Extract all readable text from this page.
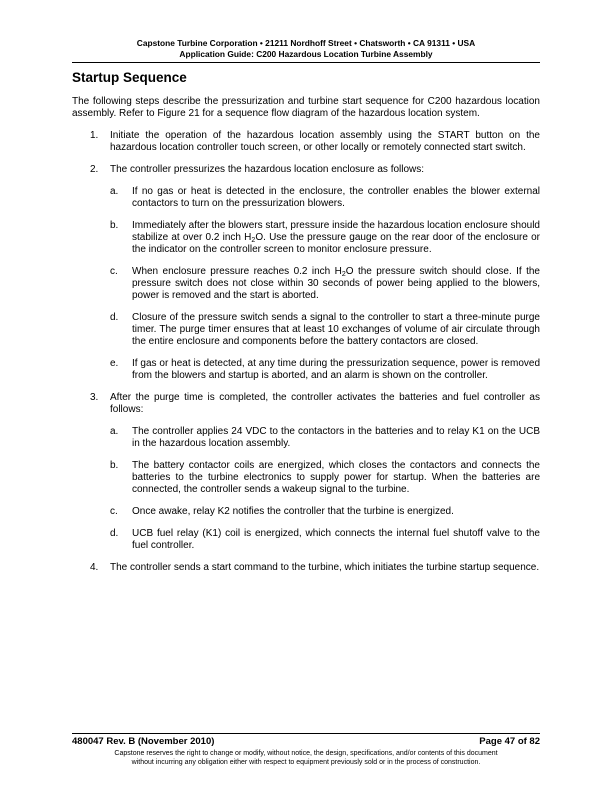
Capstone Turbine Corporation • 21211 Nordhoff Street • Chatsworth • CA 91311 • USA
Application Guide: C200 Hazardous Location Turbine Assembly
Startup Sequence

The following steps describe the pressurization and turbine start sequence for C200 hazardous location assembly. Refer to Figure 21 for a sequence flow diagram of the hazardous location system.

1. Initiate the operation of the hazardous location assembly using the START button on the hazardous location controller touch screen, or other locally or remotely connected start switch.
2. The controller pressurizes the hazardous location enclosure as follows:
a. If no gas or heat is detected in the enclosure, the controller enables the blower external contactors to turn on the pressurization blowers.
b. Immediately after the blowers start, pressure inside the hazardous location enclosure should stabilize at over 0.2 inch $H_2O$. Use the pressure gauge on the rear door of the enclosure or the indicator on the controller screen to monitor enclosure pressure.
c. When enclosure pressure reaches 0.2 inch $H_2O$ the pressure switch should close. If the pressure switch does not close within 30 seconds of power being applied to the blowers, power is removed and the start is aborted.
d. Closure of the pressure switch sends a signal to the controller to start a three-minute purge timer. The purge timer ensures that at least 10 exchanges of volume of air circulate through the entire enclosure and components before the battery contactors are closed.
e. If gas or heat is detected, at any time during the pressurization sequence, power is removed from the blowers and startup is aborted, and an alarm is shown on the controller.
3. After the purge time is completed, the controller activates the batteries and fuel controller as follows:
a. The controller applies 24 VDC to the contactors in the batteries and to relay K1 on the UCB in the hazardous location assembly.
b. The battery contactor coils are energized, which closes the contactors and connects the batteries to the turbine electronics to supply power for startup. When the batteries are connected, the controller sends a wakeup signal to the turbine.
c. Once awake, relay K2 notifies the controller that the turbine is energized.
d. UCB fuel relay (K1) coil is energized, which connects the internal fuel shutoff valve to the fuel controller.
4. The controller sends a start command to the turbine, which initiates the turbine startup sequence.
480047 Rev. B (November 2010)	Page 47 of 82
Capstone reserves the right to change or modify, without notice, the design, specifications, and/or contents of this document
without incurring any obligation either with respect to equipment previously sold or in the process of construction.
